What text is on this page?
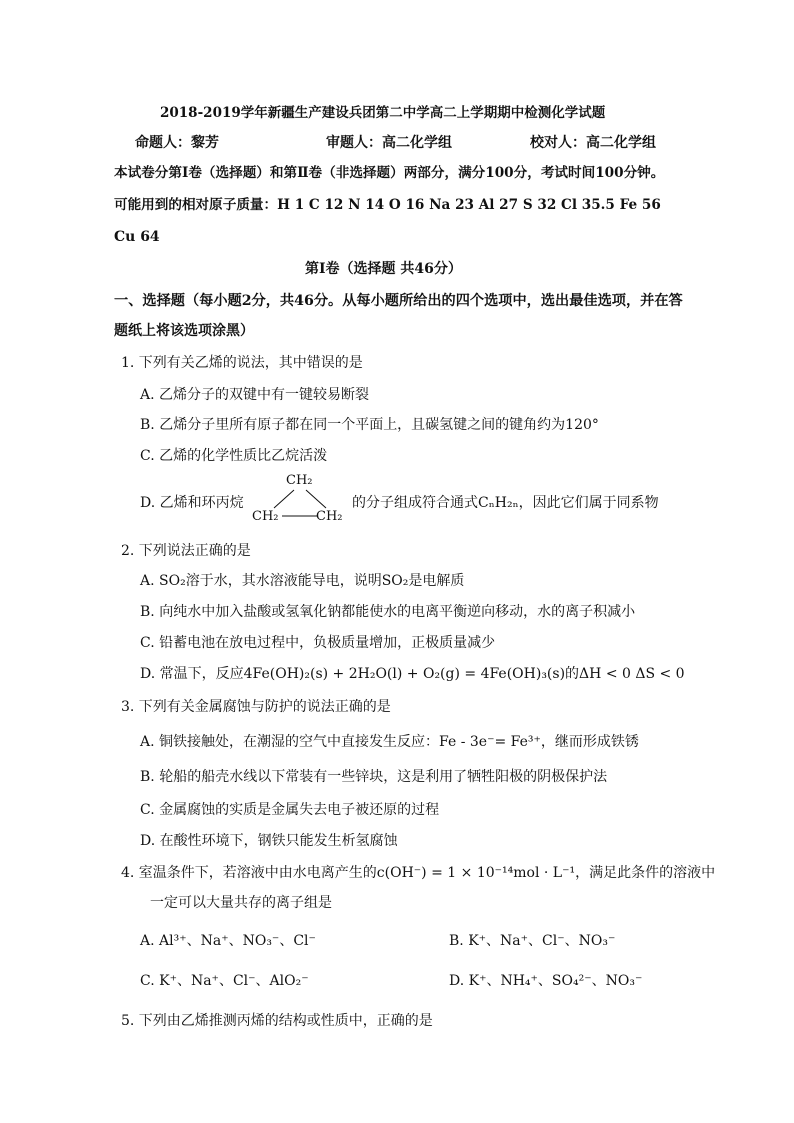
2018-2019学年新疆生产建设兵团第二中学高二上学期期中检测化学试题
命题人：黎芳	审题人：高二化学组	校对人：高二化学组
本试卷分第Ⅰ卷（选择题）和第Ⅱ卷（非选择题）两部分，满分100分，考试时间100分钟。
可能用到的相对原子质量：H 1 C 12 N 14 O 16 Na 23 Al 27 S 32 Cl 35.5 Fe 56
Cu 64
第Ⅰ卷（选择题 共46分）
一、选择题（每小题2分，共46分。从每小题所给出的四个选项中，选出最佳选项，并在答
题纸上将该选项涂黑）
1. 下列有关乙烯的说法，其中错误的是
A. 乙烯分子的双键中有一键较易断裂
B. 乙烯分子里所有原子都在同一个平面上，且碳氢键之间的键角约为120°
C. 乙烯的化学性质比乙烷活泼
D. 乙烯和环丙烷
CH₂
CH₂	CH₂
的分子组成符合通式CₙH₂ₙ，因此它们属于同系物
2. 下列说法正确的是
A. SO₂溶于水，其水溶液能导电，说明SO₂是电解质
B. 向纯水中加入盐酸或氢氧化钠都能使水的电离平衡逆向移动，水的离子积减小
C. 铅蓄电池在放电过程中，负极质量增加，正极质量减少
D. 常温下，反应4Fe(OH)₂(s) + 2H₂O(l) + O₂(g) = 4Fe(OH)₃(s)的ΔH < 0 ΔS < 0
3. 下列有关金属腐蚀与防护的说法正确的是
A. 铜铁接触处，在潮湿的空气中直接发生反应：Fe - 3e⁻= Fe³⁺，继而形成铁锈
B. 轮船的船壳水线以下常装有一些锌块，这是利用了牺牲阳极的阴极保护法
C. 金属腐蚀的实质是金属失去电子被还原的过程
D. 在酸性环境下，钢铁只能发生析氢腐蚀
4. 室温条件下，若溶液中由水电离产生的c(OH⁻) = 1 × 10⁻¹⁴mol · L⁻¹，满足此条件的溶液中
一定可以大量共存的离子组是
A. Al³⁺、Na⁺、NO₃⁻、Cl⁻	B. K⁺、Na⁺、Cl⁻、NO₃⁻
C. K⁺、Na⁺、Cl⁻、AlO₂⁻	D. K⁺、NH₄⁺、SO₄²⁻、NO₃⁻
5. 下列由乙烯推测丙烯的结构或性质中，正确的是
